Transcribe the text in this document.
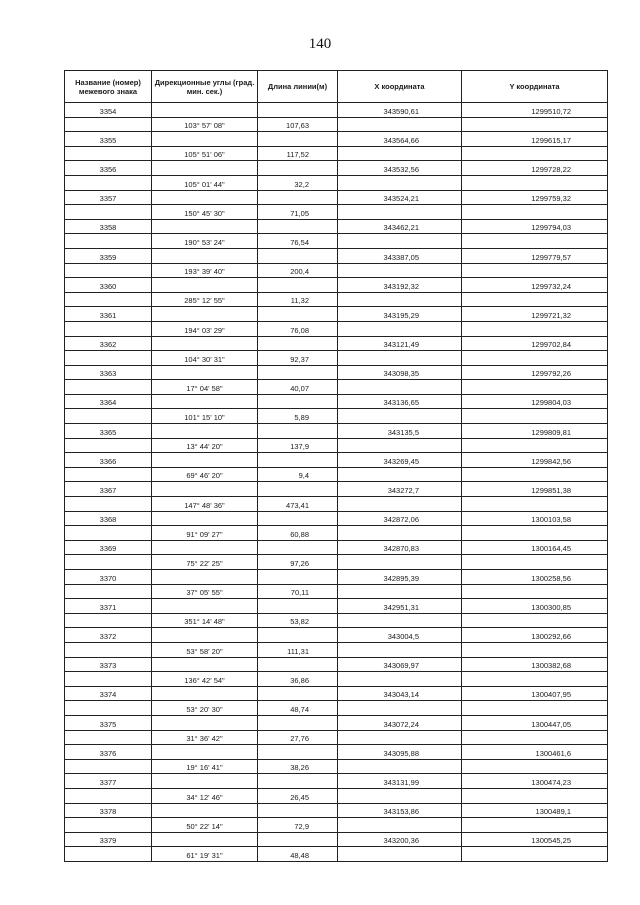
140
Название (номер) межевого знака	Дирекционные углы (град. мин. сек.)	Длина линии(м)	X координата	Y координата
3354			343590,61	1299510,72
	103° 57' 08"	107,63		
3355			343564,66	1299615,17
	105° 51' 06"	117,52		
3356			343532,56	1299728,22
	105° 01' 44"	32,2		
3357			343524,21	1299759,32
	150° 45' 30"	71,05		
3358			343462,21	1299794,03
	190° 53' 24"	76,54		
3359			343387,05	1299779,57
	193° 39' 40"	200,4		
3360			343192,32	1299732,24
	285° 12' 55"	11,32		
3361			343195,29	1299721,32
	194° 03' 29"	76,08		
3362			343121,49	1299702,84
	104° 30' 31"	92,37		
3363			343098,35	1299792,26
	17° 04' 58"	40,07		
3364			343136,65	1299804,03
	101° 15' 10"	5,89		
3365			343135,5	1299809,81
	13° 44' 20"	137,9		
3366			343269,45	1299842,56
	69° 46' 20"	9,4		
3367			343272,7	1299851,38
	147° 48' 36"	473,41		
3368			342872,06	1300103,58
	91° 09' 27"	60,88		
3369			342870,83	1300164,45
	75° 22' 25"	97,26		
3370			342895,39	1300258,56
	37° 05' 55"	70,11		
3371			342951,31	1300300,85
	351° 14' 48"	53,82		
3372			343004,5	1300292,66
	53° 58' 20"	111,31		
3373			343069,97	1300382,68
	136° 42' 54"	36,86		
3374			343043,14	1300407,95
	53° 20' 30"	48,74		
3375			343072,24	1300447,05
	31° 36' 42"	27,76		
3376			343095,88	1300461,6
	19° 16' 41"	38,26		
3377			343131,99	1300474,23
	34° 12' 46"	26,45		
3378			343153,86	1300489,1
	50° 22' 14"	72,9		
3379			343200,36	1300545,25
	61° 19' 31"	48,48		
